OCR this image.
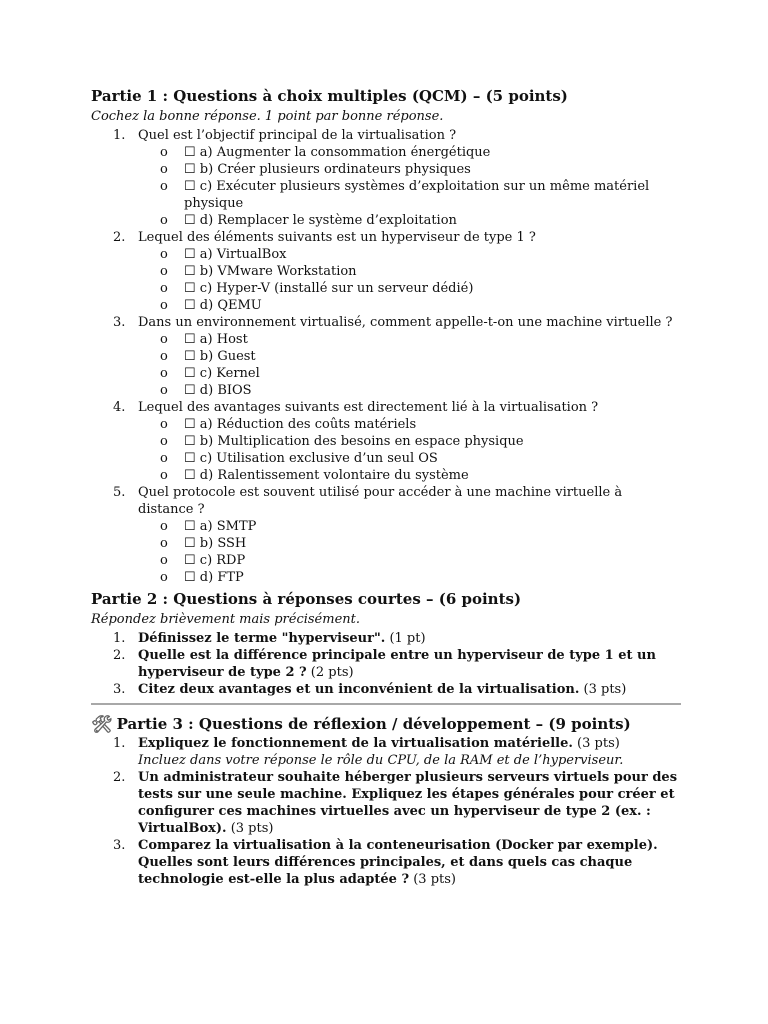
Partie 1 : Questions à choix multiples (QCM) – (5 points)
Cochez la bonne réponse. 1 point par bonne réponse.
1. Quel est l’objectif principal de la virtualisation ?
o ☐ a) Augmenter la consommation énergétique
o ☐ b) Créer plusieurs ordinateurs physiques
o ☐ c) Exécuter plusieurs systèmes d’exploitation sur un même matériel physique
o ☐ d) Remplacer le système d’exploitation
2. Lequel des éléments suivants est un hyperviseur de type 1 ?
o ☐ a) VirtualBox
o ☐ b) VMware Workstation
o ☐ c) Hyper-V (installé sur un serveur dédié)
o ☐ d) QEMU
3. Dans un environnement virtualisé, comment appelle-t-on une machine virtuelle ?
o ☐ a) Host
o ☐ b) Guest
o ☐ c) Kernel
o ☐ d) BIOS
4. Lequel des avantages suivants est directement lié à la virtualisation ?
o ☐ a) Réduction des coûts matériels
o ☐ b) Multiplication des besoins en espace physique
o ☐ c) Utilisation exclusive d’un seul OS
o ☐ d) Ralentissement volontaire du système
5. Quel protocole est souvent utilisé pour accéder à une machine virtuelle à distance ?
o ☐ a) SMTP
o ☐ b) SSH
o ☐ c) RDP
o ☐ d) FTP
Partie 2 : Questions à réponses courtes – (6 points)
Répondez brièvement mais précisément.
1. Définissez le terme "hyperviseur". (1 pt)
2. Quelle est la différence principale entre un hyperviseur de type 1 et un hyperviseur de type 2 ? (2 pts)
3. Citez deux avantages et un inconvénient de la virtualisation. (3 pts)
🛠 Partie 3 : Questions de réflexion / développement – (9 points)
1. Expliquez le fonctionnement de la virtualisation matérielle. (3 pts)
Incluez dans votre réponse le rôle du CPU, de la RAM et de l’hyperviseur.
2. Un administrateur souhaite héberger plusieurs serveurs virtuels pour des tests sur une seule machine. Expliquez les étapes générales pour créer et configurer ces machines virtuelles avec un hyperviseur de type 2 (ex. : VirtualBox). (3 pts)
3. Comparez la virtualisation à la conteneurisation (Docker par exemple). Quelles sont leurs différences principales, et dans quels cas chaque technologie est-elle la plus adaptée ? (3 pts)
